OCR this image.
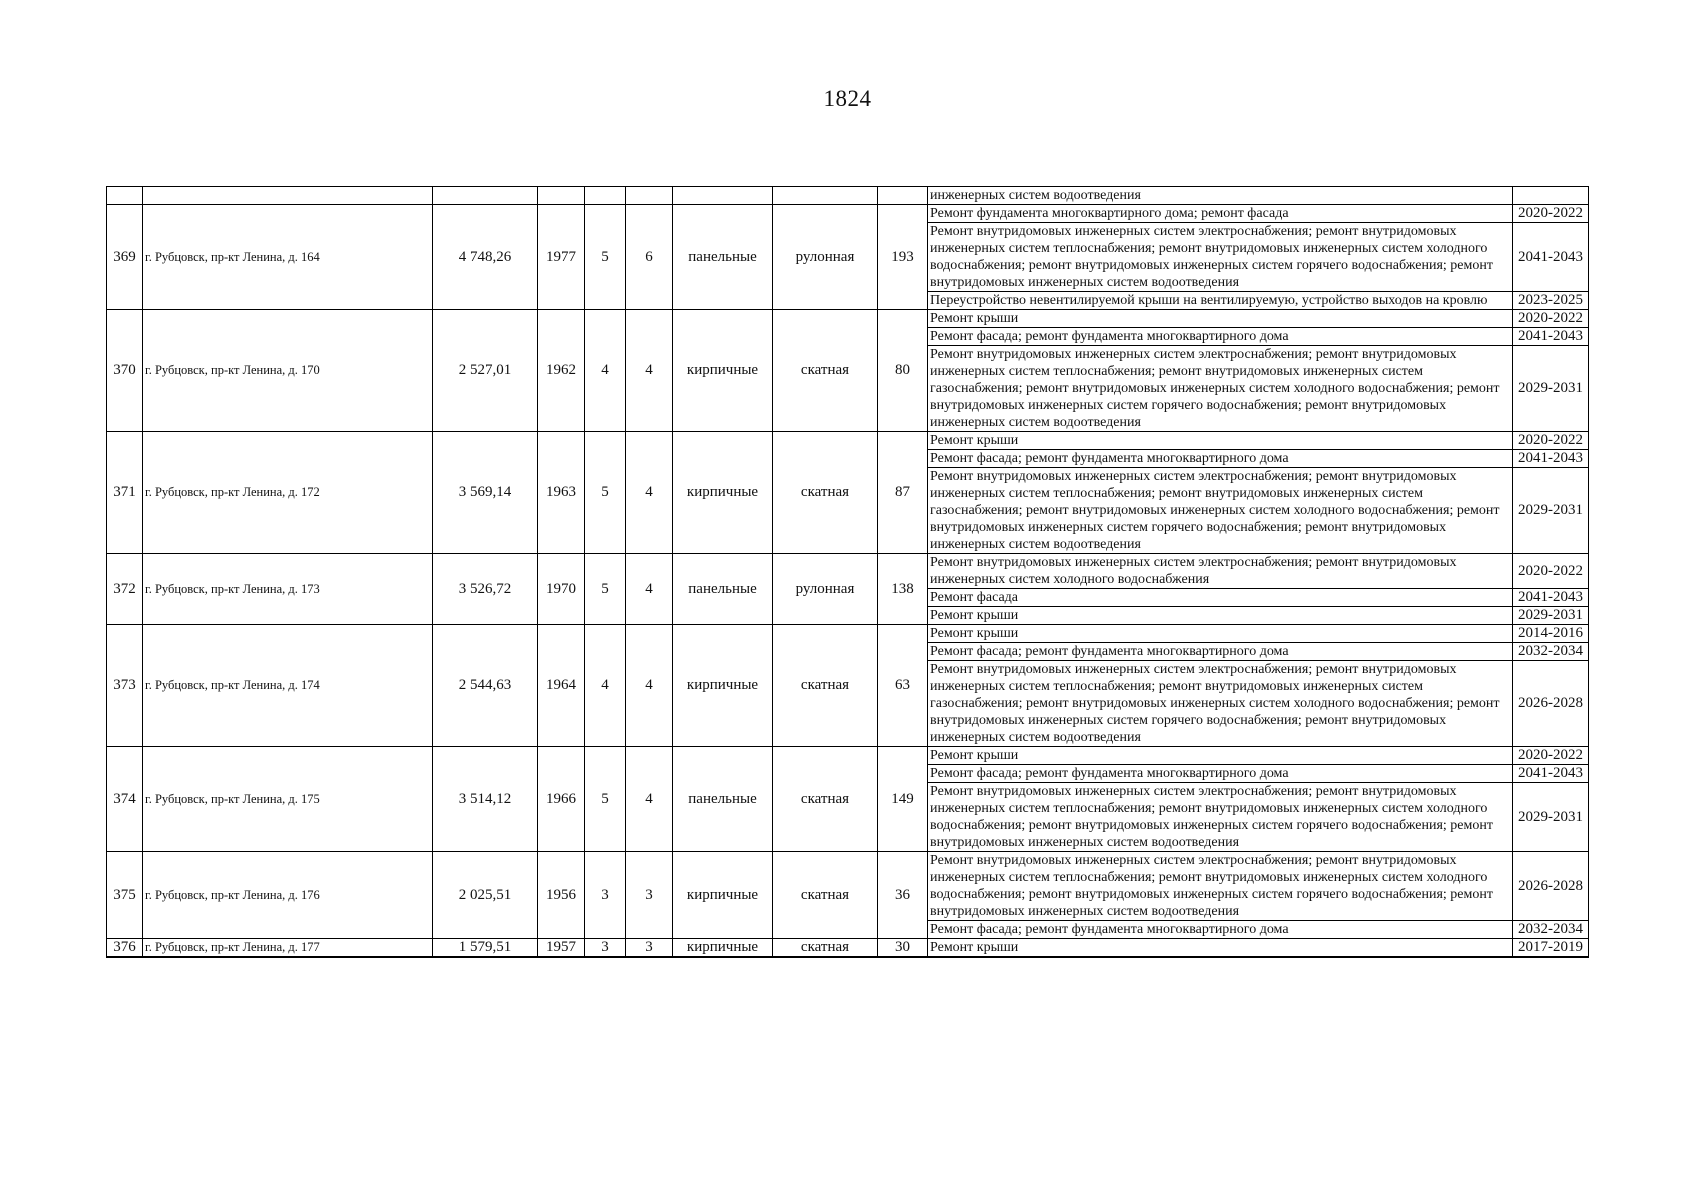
1824
									инженерных систем водоотведения	
369	г. Рубцовск, пр-кт Ленина, д. 164	4 748,26	1977	5	6	панельные	рулонная	193	Ремонт фундамента многоквартирного дома; ремонт фасада	2020-2022
									Ремонт внутридомовых инженерных систем электроснабжения; ремонт внутридомовых инженерных систем теплоснабжения; ремонт внутридомовых инженерных систем холодного водоснабжения; ремонт внутридомовых инженерных систем горячего водоснабжения; ремонт внутридомовых инженерных систем водоотведения	2041-2043
									Переустройство невентилируемой крыши на вентилируемую, устройство выходов на кровлю	2023-2025
370	г. Рубцовск, пр-кт Ленина, д. 170	2 527,01	1962	4	4	кирпичные	скатная	80	Ремонт крыши	2020-2022
									Ремонт фасада; ремонт фундамента многоквартирного дома	2041-2043
									Ремонт внутридомовых инженерных систем электроснабжения; ремонт внутридомовых инженерных систем теплоснабжения; ремонт внутридомовых инженерных систем газоснабжения; ремонт внутридомовых инженерных систем холодного водоснабжения; ремонт внутридомовых инженерных систем горячего водоснабжения; ремонт внутридомовых инженерных систем водоотведения	2029-2031
371	г. Рубцовск, пр-кт Ленина, д. 172	3 569,14	1963	5	4	кирпичные	скатная	87	Ремонт крыши	2020-2022
									Ремонт фасада; ремонт фундамента многоквартирного дома	2041-2043
									Ремонт внутридомовых инженерных систем электроснабжения; ремонт внутридомовых инженерных систем теплоснабжения; ремонт внутридомовых инженерных систем газоснабжения; ремонт внутридомовых инженерных систем холодного водоснабжения; ремонт внутридомовых инженерных систем горячего водоснабжения; ремонт внутридомовых инженерных систем водоотведения	2029-2031
372	г. Рубцовск, пр-кт Ленина, д. 173	3 526,72	1970	5	4	панельные	рулонная	138	Ремонт внутридомовых инженерных систем электроснабжения; ремонт внутридомовых инженерных систем холодного водоснабжения	2020-2022
									Ремонт фасада	2041-2043
									Ремонт крыши	2029-2031
373	г. Рубцовск, пр-кт Ленина, д. 174	2 544,63	1964	4	4	кирпичные	скатная	63	Ремонт крыши	2014-2016
									Ремонт фасада; ремонт фундамента многоквартирного дома	2032-2034
									Ремонт внутридомовых инженерных систем электроснабжения; ремонт внутридомовых инженерных систем теплоснабжения; ремонт внутридомовых инженерных систем газоснабжения; ремонт внутридомовых инженерных систем холодного водоснабжения; ремонт внутридомовых инженерных систем горячего водоснабжения; ремонт внутридомовых инженерных систем водоотведения	2026-2028
374	г. Рубцовск, пр-кт Ленина, д. 175	3 514,12	1966	5	4	панельные	скатная	149	Ремонт крыши	2020-2022
									Ремонт фасада; ремонт фундамента многоквартирного дома	2041-2043
									Ремонт внутридомовых инженерных систем электроснабжения; ремонт внутридомовых инженерных систем теплоснабжения; ремонт внутридомовых инженерных систем холодного водоснабжения; ремонт внутридомовых инженерных систем горячего водоснабжения; ремонт внутридомовых инженерных систем водоотведения	2029-2031
375	г. Рубцовск, пр-кт Ленина, д. 176	2 025,51	1956	3	3	кирпичные	скатная	36	Ремонт внутридомовых инженерных систем электроснабжения; ремонт внутридомовых инженерных систем теплоснабжения; ремонт внутридомовых инженерных систем холодного водоснабжения; ремонт внутридомовых инженерных систем горячего водоснабжения; ремонт внутридомовых инженерных систем водоотведения	2026-2028
									Ремонт фасада; ремонт фундамента многоквартирного дома	2032-2034
376	г. Рубцовск, пр-кт Ленина, д. 177	1 579,51	1957	3	3	кирпичные	скатная	30	Ремонт крыши	2017-2019
